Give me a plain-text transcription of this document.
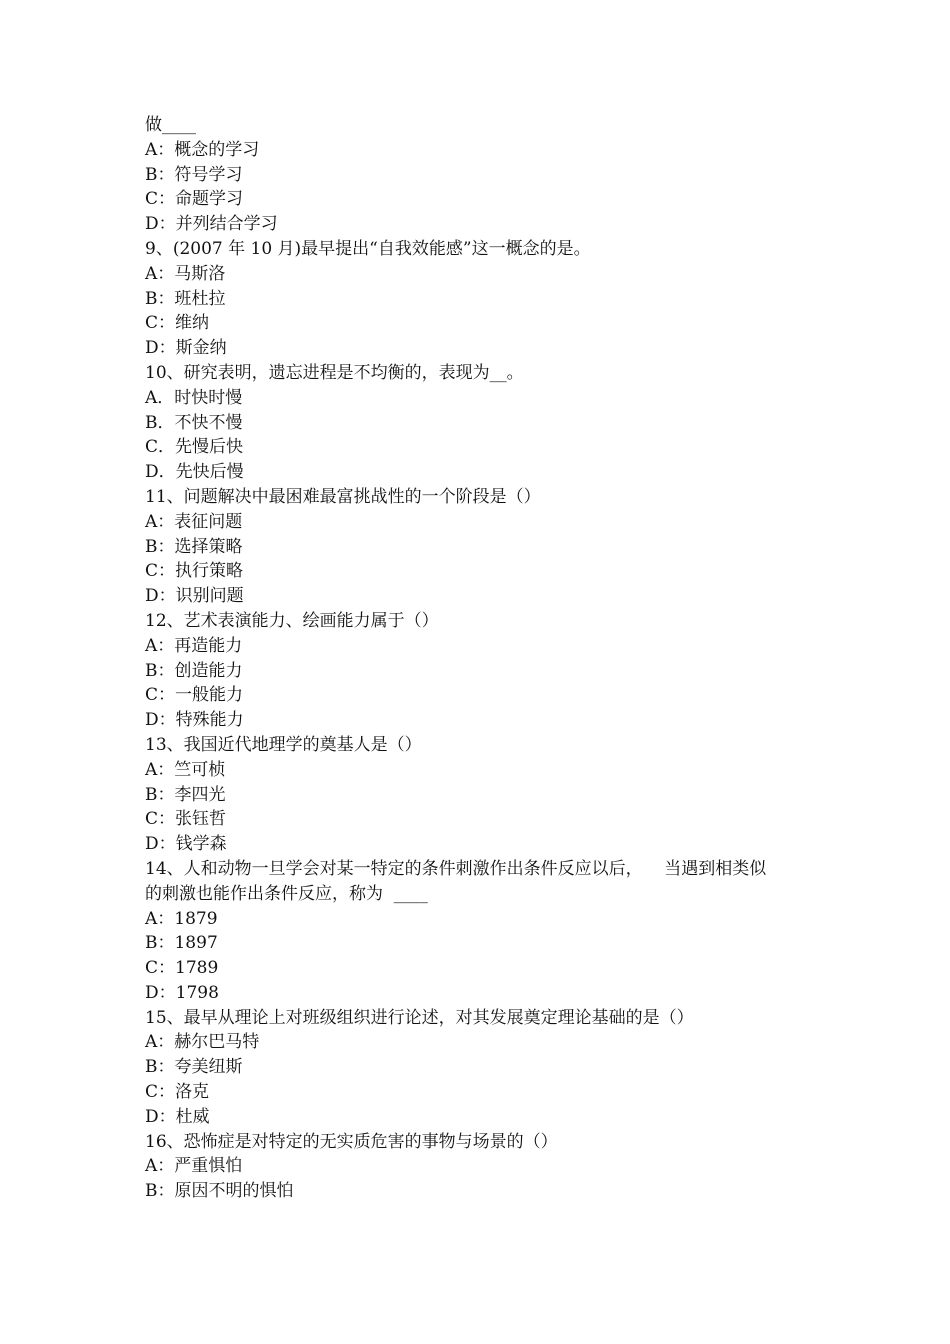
做____
A：概念的学习
B：符号学习
C：命题学习
D：并列结合学习
9、(2007 年 10 月)最早提出“自我效能感”这一概念的是。
A：马斯洛
B：班杜拉
C：维纳
D：斯金纳
10、研究表明，遗忘进程是不均衡的，表现为__。
A．时快时慢
B．不快不慢
C．先慢后快
D．先快后慢
11、问题解决中最困难最富挑战性的一个阶段是（）
A：表征问题
B：选择策略
C：执行策略
D：识别问题
12、艺术表演能力、绘画能力属于（）
A：再造能力
B：创造能力
C：一般能力
D：特殊能力
13、我国近代地理学的奠基人是（）
A：竺可桢
B：李四光
C：张钰哲
D：钱学森
14、人和动物一旦学会对某一特定的条件刺激作出条件反应以后，    当遇到相类似
的刺激也能作出条件反应，称为  ____
A：1879
B：1897
C：1789
D：1798
15、最早从理论上对班级组织进行论述，对其发展奠定理论基础的是（）
A：赫尔巴马特
B：夸美纽斯
C：洛克
D：杜威
16、恐怖症是对特定的无实质危害的事物与场景的（）
A：严重惧怕
B：原因不明的惧怕
